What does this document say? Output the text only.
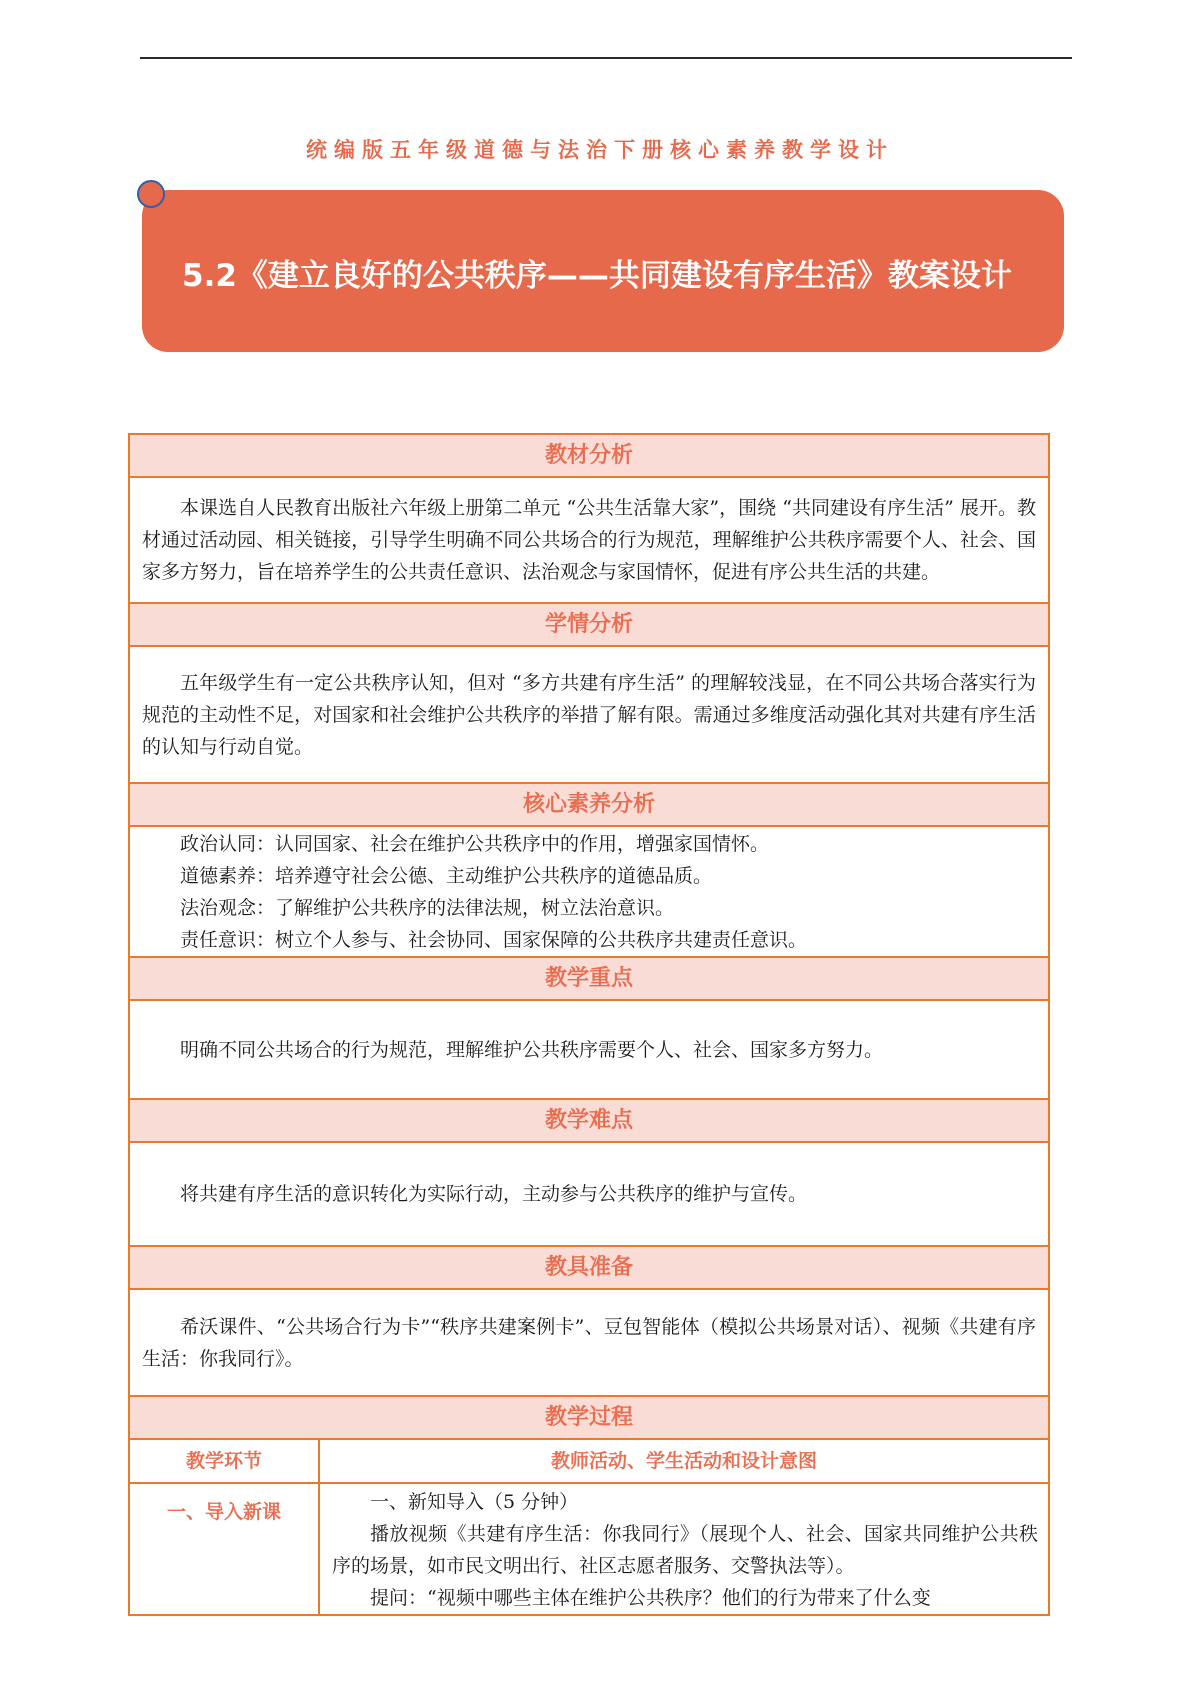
统编版五年级道德与法治下册核心素养教学设计
5.2《建立良好的公共秩序——共同建设有序生活》教案设计
教材分析

本课选自人民教育出版社六年级上册第二单元 “公共生活靠大家”，围绕 “共同建设有序生活” 展开。教材通过活动园、相关链接，引导学生明确不同公共场合的行为规范，理解维护公共秩序需要个人、社会、国家多方努力，旨在培养学生的公共责任意识、法治观念与家国情怀，促进有序公共生活的共建。

学情分析

五年级学生有一定公共秩序认知，但对 “多方共建有序生活” 的理解较浅显，在不同公共场合落实行为规范的主动性不足，对国家和社会维护公共秩序的举措了解有限。需通过多维度活动强化其对共建有序生活的认知与行动自觉。

核心素养分析

政治认同：认同国家、社会在维护公共秩序中的作用，增强家国情怀。

道德素养：培养遵守社会公德、主动维护公共秩序的道德品质。

法治观念：了解维护公共秩序的法律法规，树立法治意识。

责任意识：树立个人参与、社会协同、国家保障的公共秩序共建责任意识。

教学重点

明确不同公共场合的行为规范，理解维护公共秩序需要个人、社会、国家多方努力。

教学难点

将共建有序生活的意识转化为实际行动，主动参与公共秩序的维护与宣传。

教具准备

希沃课件、“公共场合行为卡”“秩序共建案例卡”、豆包智能体（模拟公共场景对话）、视频《共建有序生活：你我同行》。

教学过程
教学环节	教师活动、学生活动和设计意图
一、导入新课	一、新知导入（5 分钟）

播放视频《共建有序生活：你我同行》（展现个人、社会、国家共同维护公共秩序的场景，如市民文明出行、社区志愿者服务、交警执法等）。

提问：“视频中哪些主体在维护公共秩序？他们的行为带来了什么变
